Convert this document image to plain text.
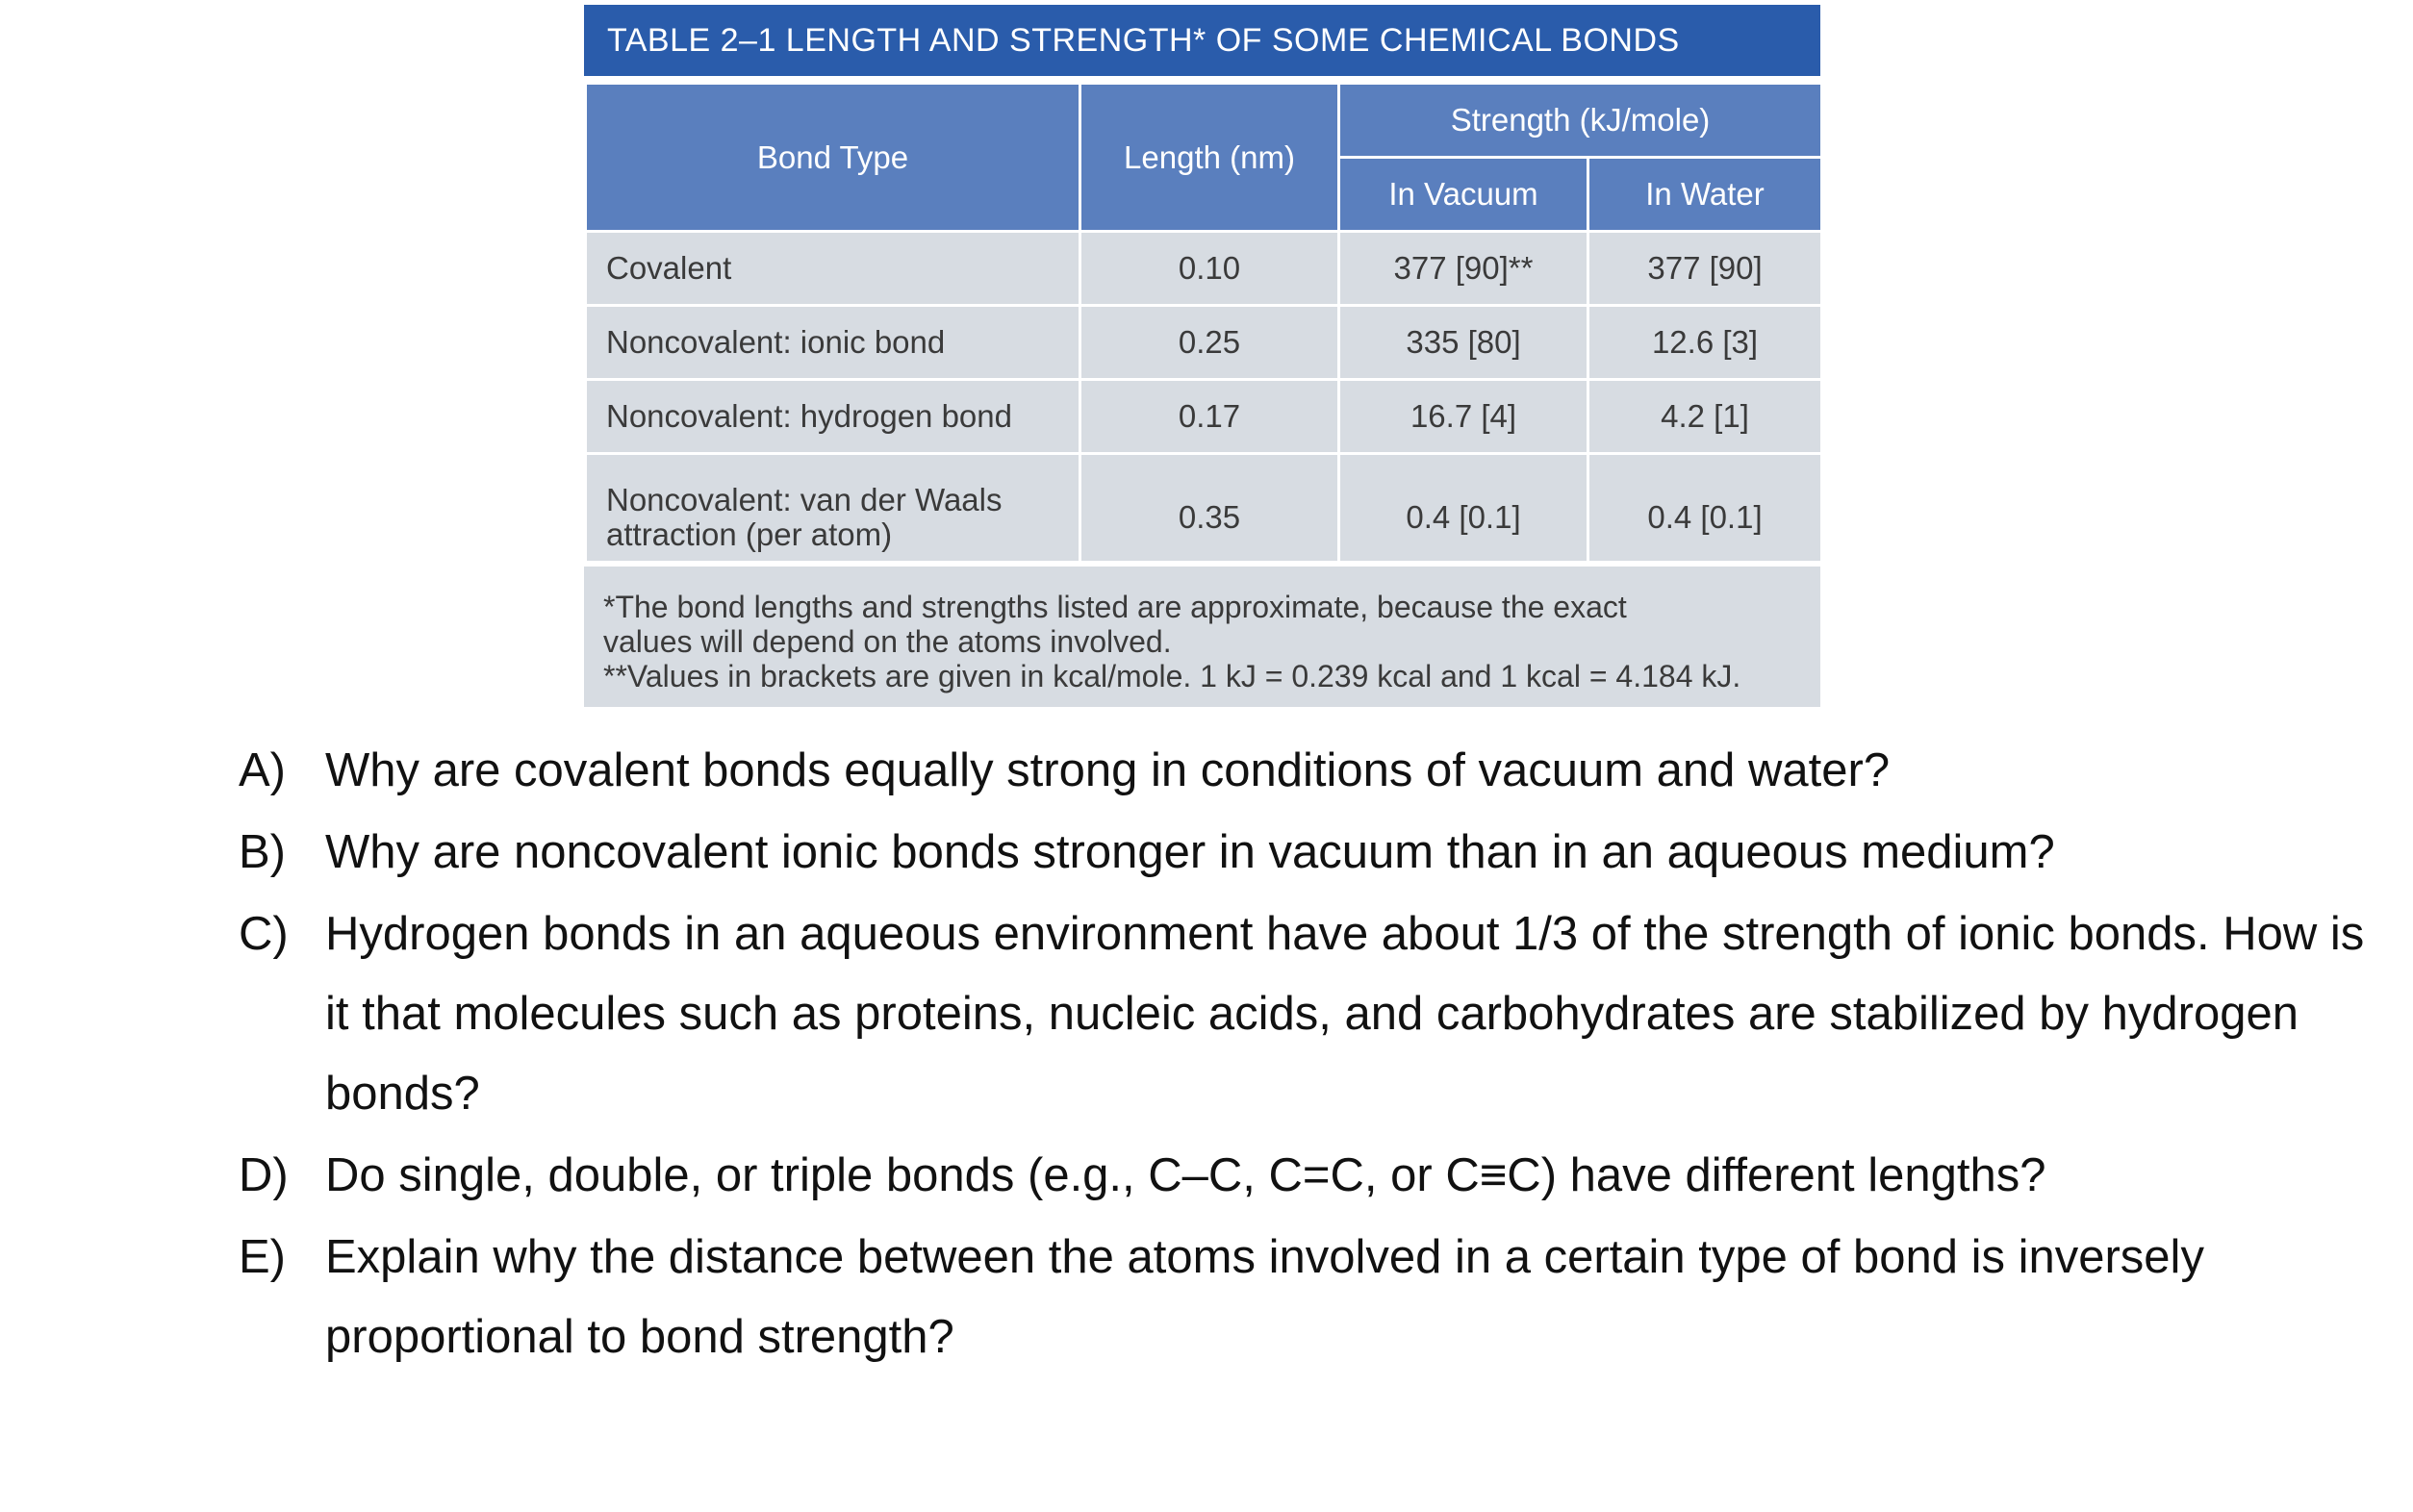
TABLE 2–1 LENGTH AND STRENGTH* OF SOME CHEMICAL BONDS
Bond Type	Length (nm)	Strength (kJ/mole)	
		In Vacuum	In Water
Covalent	0.10	377 [90]**	377 [90]
Noncovalent: ionic bond	0.25	335 [80]	12.6 [3]
Noncovalent: hydrogen bond	0.17	16.7 [4]	4.2 [1]
Noncovalent: van der Waals
attraction (per atom)	0.35	0.4 [0.1]	0.4 [0.1]
*The bond lengths and strengths listed are approximate, because the exact
values will depend on the atoms involved.
**Values in brackets are given in kcal/mole. 1 kJ = 0.239 kcal and 1 kcal = 4.184 kJ.
A) Why are covalent bonds equally strong in conditions of vacuum and water?
B) Why are noncovalent ionic bonds stronger in vacuum than in an aqueous medium?
C) Hydrogen bonds in an aqueous environment have about 1/3 of the strength of ionic bonds. How is it that molecules such as proteins, nucleic acids, and carbohydrates are stabilized by hydrogen bonds?
D) Do single, double, or triple bonds (e.g., C–C, C=C, or C≡C) have different lengths?
E) Explain why the distance between the atoms involved in a certain type of bond is inversely proportional to bond strength?
